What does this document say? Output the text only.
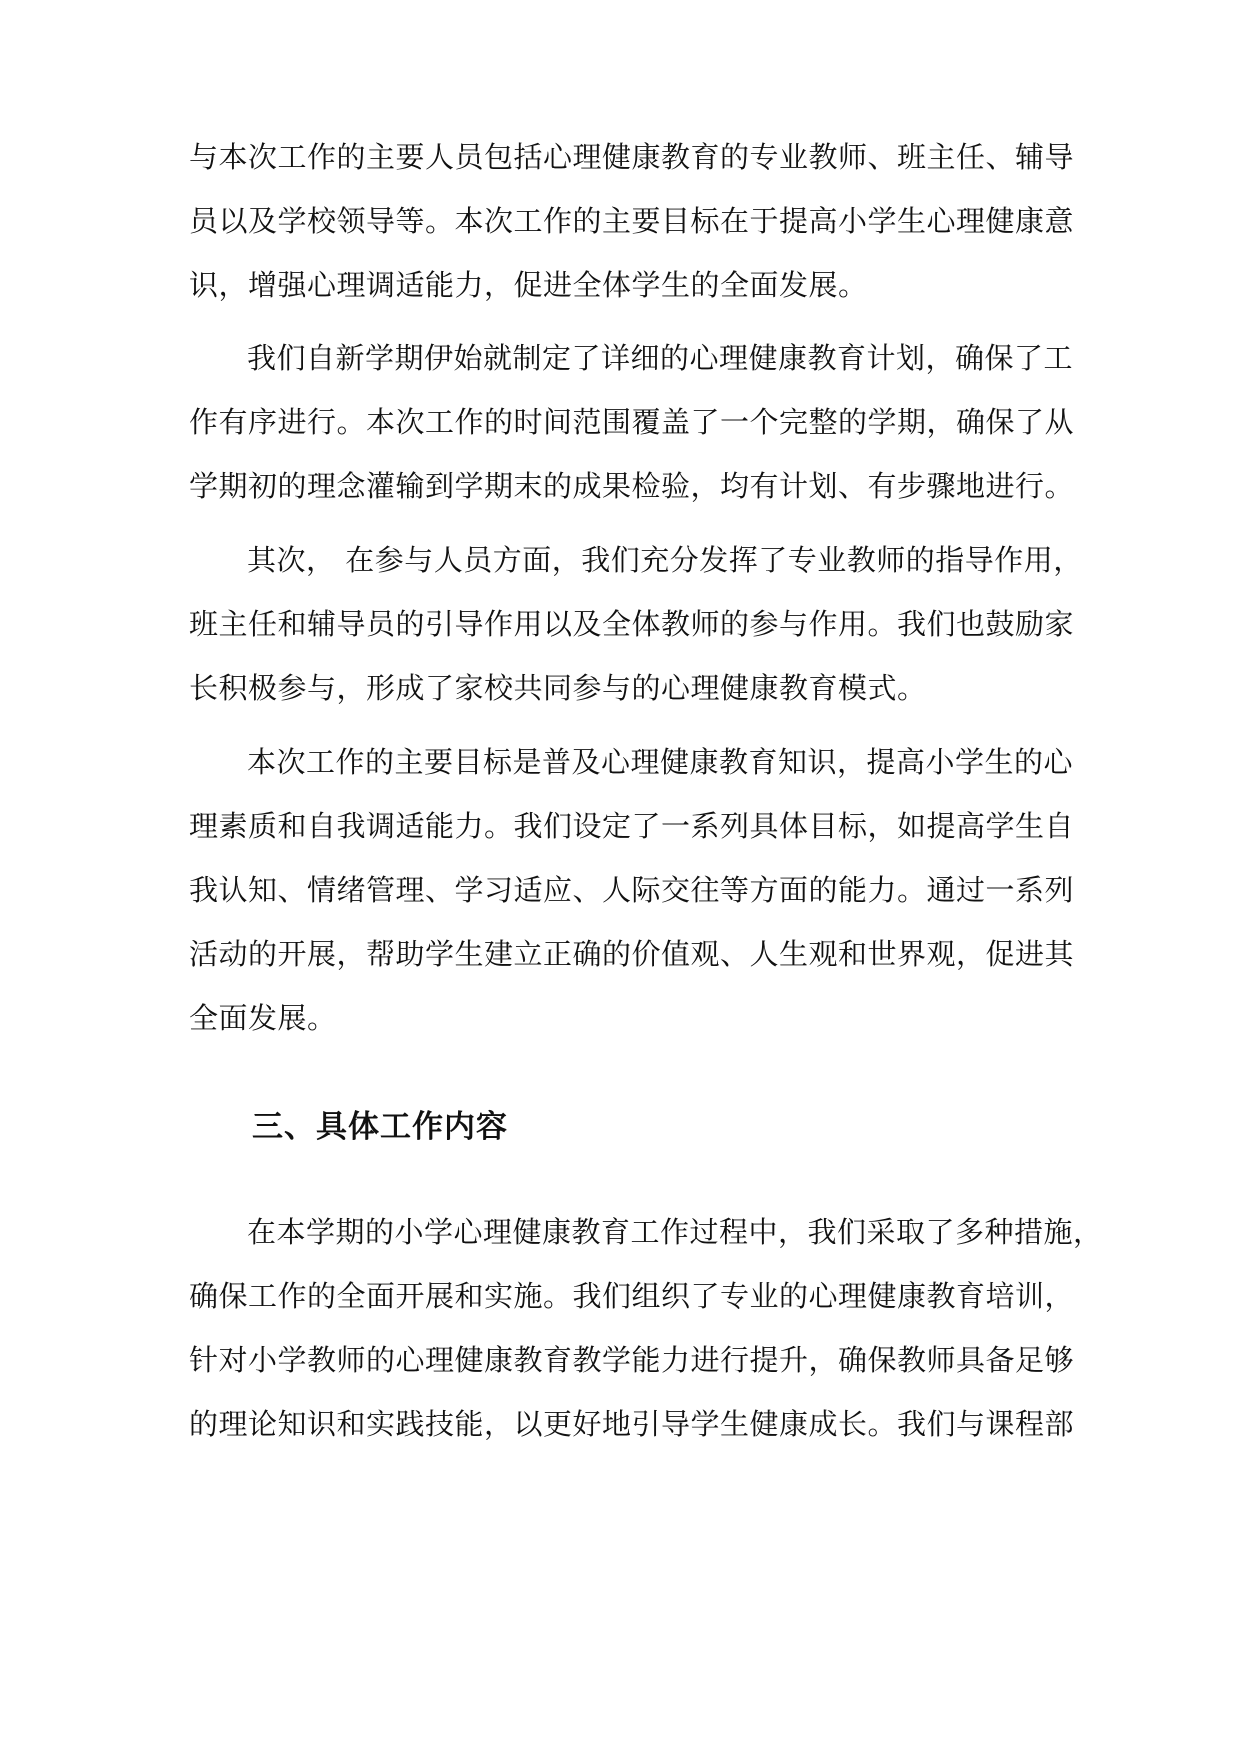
与本次工作的主要人员包括心理健康教育的专业教师、班主任、辅导
员以及学校领导等。本次工作的主要目标在于提高小学生心理健康意
识，增强心理调适能力，促进全体学生的全面发展。
我们自新学期伊始就制定了详细的心理健康教育计划，确保了工
作有序进行。本次工作的时间范围覆盖了一个完整的学期，确保了从
学期初的理念灌输到学期末的成果检验，均有计划、有步骤地进行。
其次， 在参与人员方面，我们充分发挥了专业教师的指导作用，
班主任和辅导员的引导作用以及全体教师的参与作用。我们也鼓励家
长积极参与，形成了家校共同参与的心理健康教育模式。
本次工作的主要目标是普及心理健康教育知识，提高小学生的心
理素质和自我调适能力。我们设定了一系列具体目标，如提高学生自
我认知、情绪管理、学习适应、人际交往等方面的能力。通过一系列
活动的开展，帮助学生建立正确的价值观、人生观和世界观，促进其
全面发展。
三、具体工作内容
在本学期的小学心理健康教育工作过程中，我们采取了多种措施，
确保工作的全面开展和实施。我们组织了专业的心理健康教育培训，
针对小学教师的心理健康教育教学能力进行提升，确保教师具备足够
的理论知识和实践技能，以更好地引导学生健康成长。我们与课程部
